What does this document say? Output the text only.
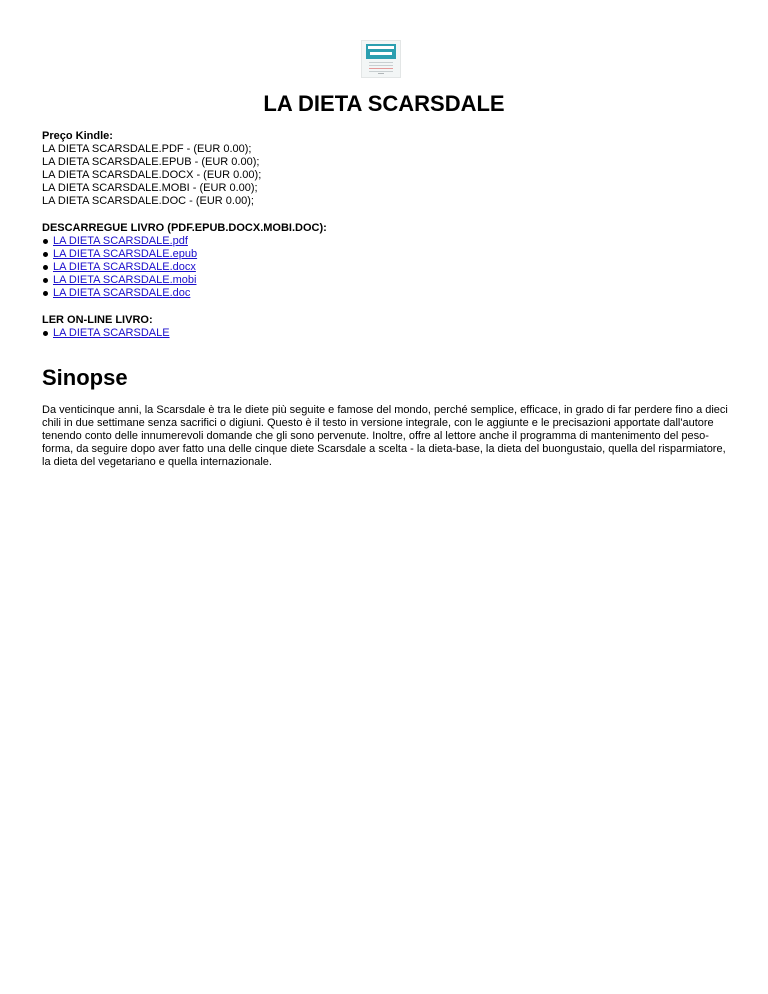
LA DIETA SCARSDALE
Preço Kindle:
LA DIETA SCARSDALE.PDF - (EUR 0.00);
LA DIETA SCARSDALE.EPUB - (EUR 0.00);
LA DIETA SCARSDALE.DOCX - (EUR 0.00);
LA DIETA SCARSDALE.MOBI - (EUR 0.00);
LA DIETA SCARSDALE.DOC - (EUR 0.00);
DESCARREGUE LIVRO (PDF.EPUB.DOCX.MOBI.DOC):
LA DIETA SCARSDALE.pdf
LA DIETA SCARSDALE.epub
LA DIETA SCARSDALE.docx
LA DIETA SCARSDALE.mobi
LA DIETA SCARSDALE.doc
LER ON-LINE LIVRO:
LA DIETA SCARSDALE
Sinopse

Da venticinque anni, la Scarsdale è tra le diete più seguite e famose del mondo, perché semplice, efficace, in grado di far perdere fino a dieci chili in due settimane senza sacrifici o digiuni. Questo è il testo in versione integrale, con le aggiunte e le precisazioni apportate dall'autore tenendo conto delle innumerevoli domande che gli sono pervenute. Inoltre, offre al lettore anche il programma di mantenimento del peso-forma, da seguire dopo aver fatto una delle cinque diete Scarsdale a scelta - la dieta-base, la dieta del buongustaio, quella del risparmiatore, la dieta del vegetariano e quella internazionale.
